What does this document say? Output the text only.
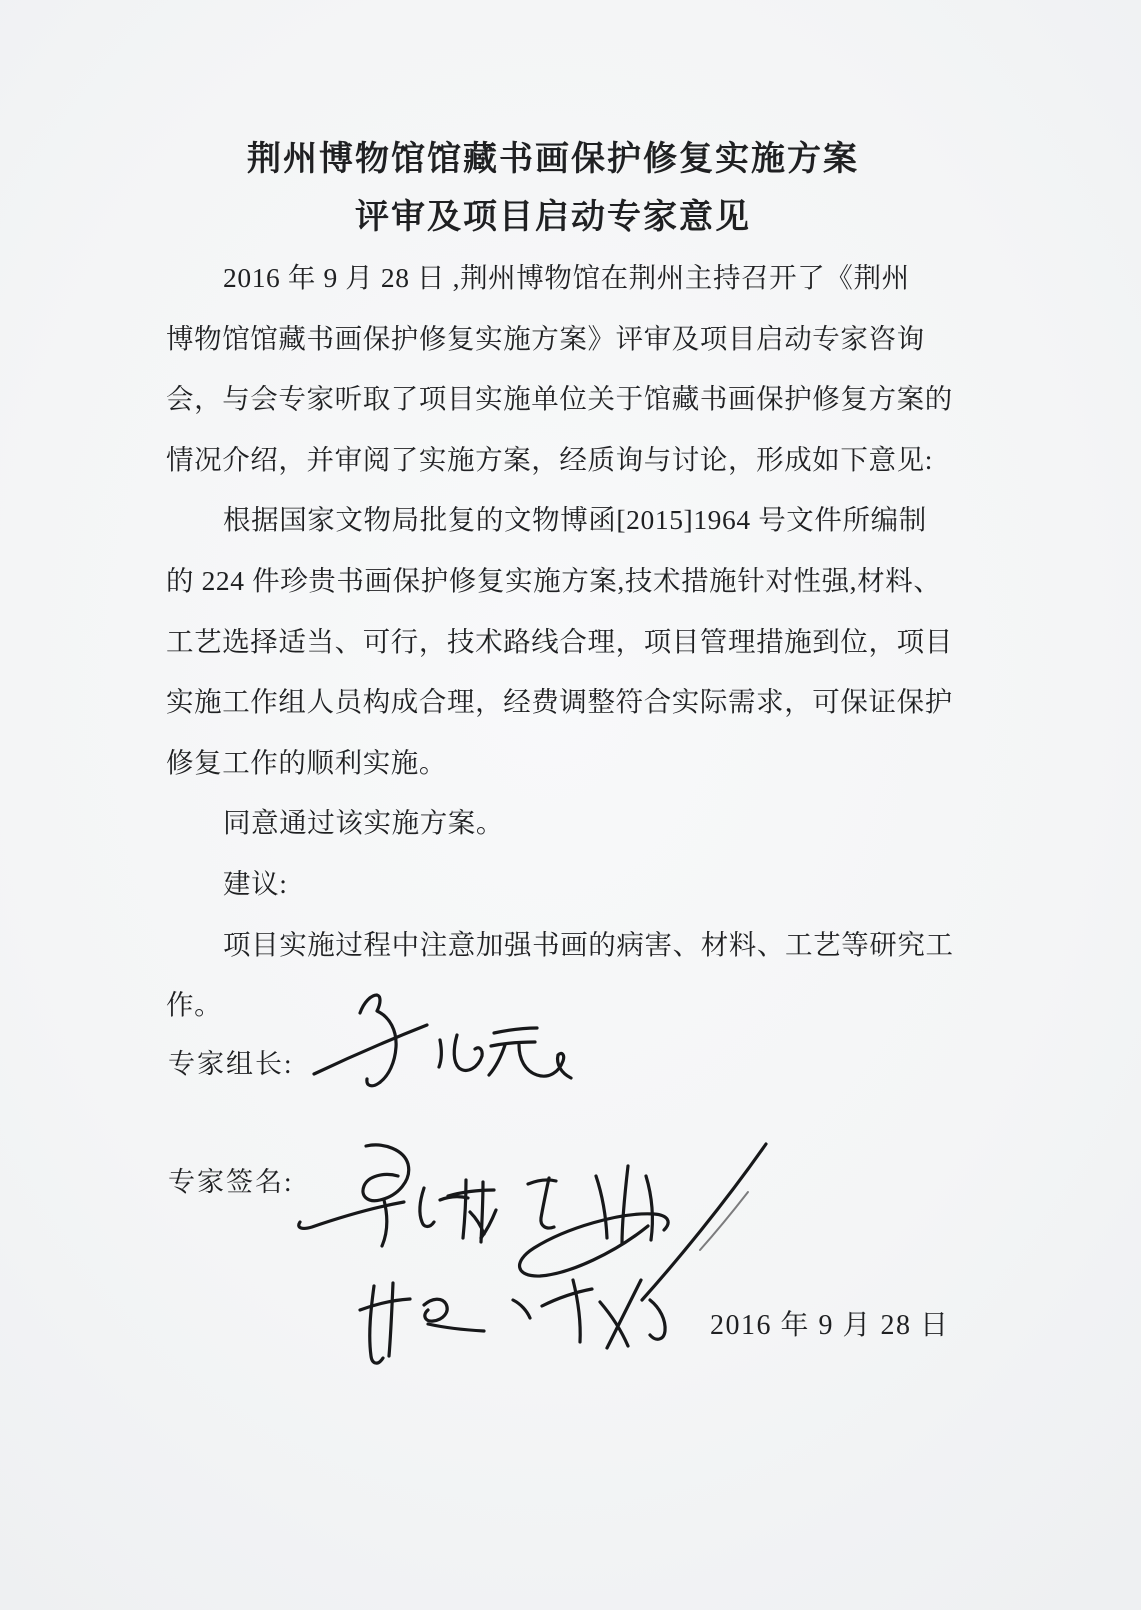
荆州博物馆馆藏书画保护修复实施方案
评审及项目启动专家意见
2016 年 9 月 28 日 ,荆州博物馆在荆州主持召开了《荆州
博物馆馆藏书画保护修复实施方案》评审及项目启动专家咨询
会，与会专家听取了项目实施单位关于馆藏书画保护修复方案的
情况介绍，并审阅了实施方案，经质询与讨论，形成如下意见:
根据国家文物局批复的文物博函[2015]1964 号文件所编制
的 224 件珍贵书画保护修复实施方案,技术措施针对性强,材料、
工艺选择适当、可行，技术路线合理，项目管理措施到位，项目
实施工作组人员构成合理，经费调整符合实际需求，可保证保护
修复工作的顺利实施。
同意通过该实施方案。
建议:
项目实施过程中注意加强书画的病害、材料、工艺等研究工
作。
专家组长:
专家签名:
2016 年 9 月 28 日
